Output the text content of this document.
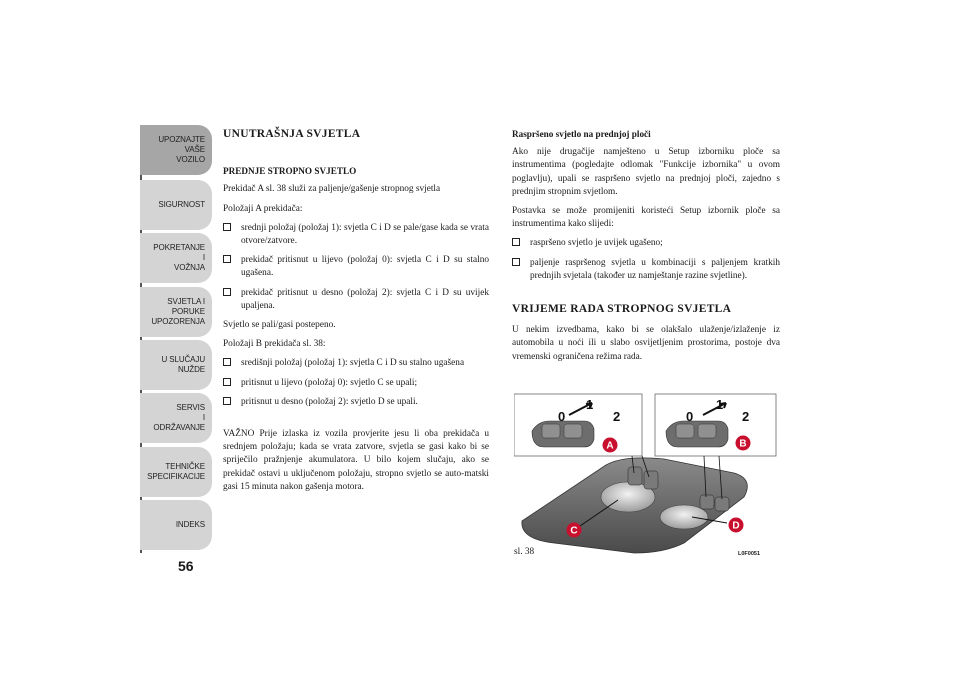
UPOZNAJTE
VAŠE
VOZILO
SIGURNOST
POKRETANJE
I
VOŽNJA
SVJETLA I
PORUKE
UPOZORENJA
U SLUČAJU
NUŽDE
SERVIS
I
ODRŽAVANJE
TEHNIČKE
SPECIFIKACIJE
INDEKS
56
UNUTRAŠNJA SVJETLA
PREDNJE STROPNO SVJETLO

Prekidač A sl. 38 služi za paljenje/gašenje stropnog svjetla

Položaji A prekidača:

srednji položaj (položaj 1): svjetla C i D se pale/gase kada se vrata otvore/zatvore.
prekidač pritisnut u lijevo (položaj 0): svjetla C i D su stalno ugašena.
prekidač pritisnut u desno (položaj 2): svjetla C i D su uvijek upaljena.

Svjetlo se pali/gasi postepeno.

Položaji B prekidača sl. 38:

središnji položaj (položaj 1): svjetla C i D su stalno ugašena
pritisnut u lijevo (položaj 0): svjetlo C se upali;
pritisnut u desno (položaj 2): svjetlo D se upali.

VAŽNO Prije izlaska iz vozila provjerite jesu li oba prekidača u srednjem položaju; kada se vrata zatvore, svjetla se gasi kako bi se spriječilo pražnjenje akumulatora. U bilo kojem slučaju, ako se prekidač ostavi u uključenom položaju, stropno svjetlo se auto-matski gasi 15 minuta nakon gašenja motora.

Raspršeno svjetlo na prednjoj ploči

Ako nije drugačije namješteno u Setup izborniku ploče sa instrumentima (pogledajte odlomak "Funkcije izbornika" u ovom poglavlju), upali se raspršeno svjetlo na prednjoj ploči, zajedno s prednjim stropnim svjetlom.

Postavka se može promijeniti koristeći Setup izbornik ploče sa instrumentima kako slijedi:

raspršeno svjetlo je uvijek ugašeno;
paljenje raspršenog svjetla u kombinaciji s paljenjem kratkih prednjih svjetala (također uz namještanje razine svjetline).
VRIJEME RADA STROPNOG SVJETLA

U nekim izvedbama, kako bi se olakšalo ulaženje/izlaženje iz automobila u noći ili u slabo osvijetljenim prostorima, postoje dva vremenski ograničena režima rada.

A	B
C	D
0
1
2	0
1
2
sl. 38	L0F0051
